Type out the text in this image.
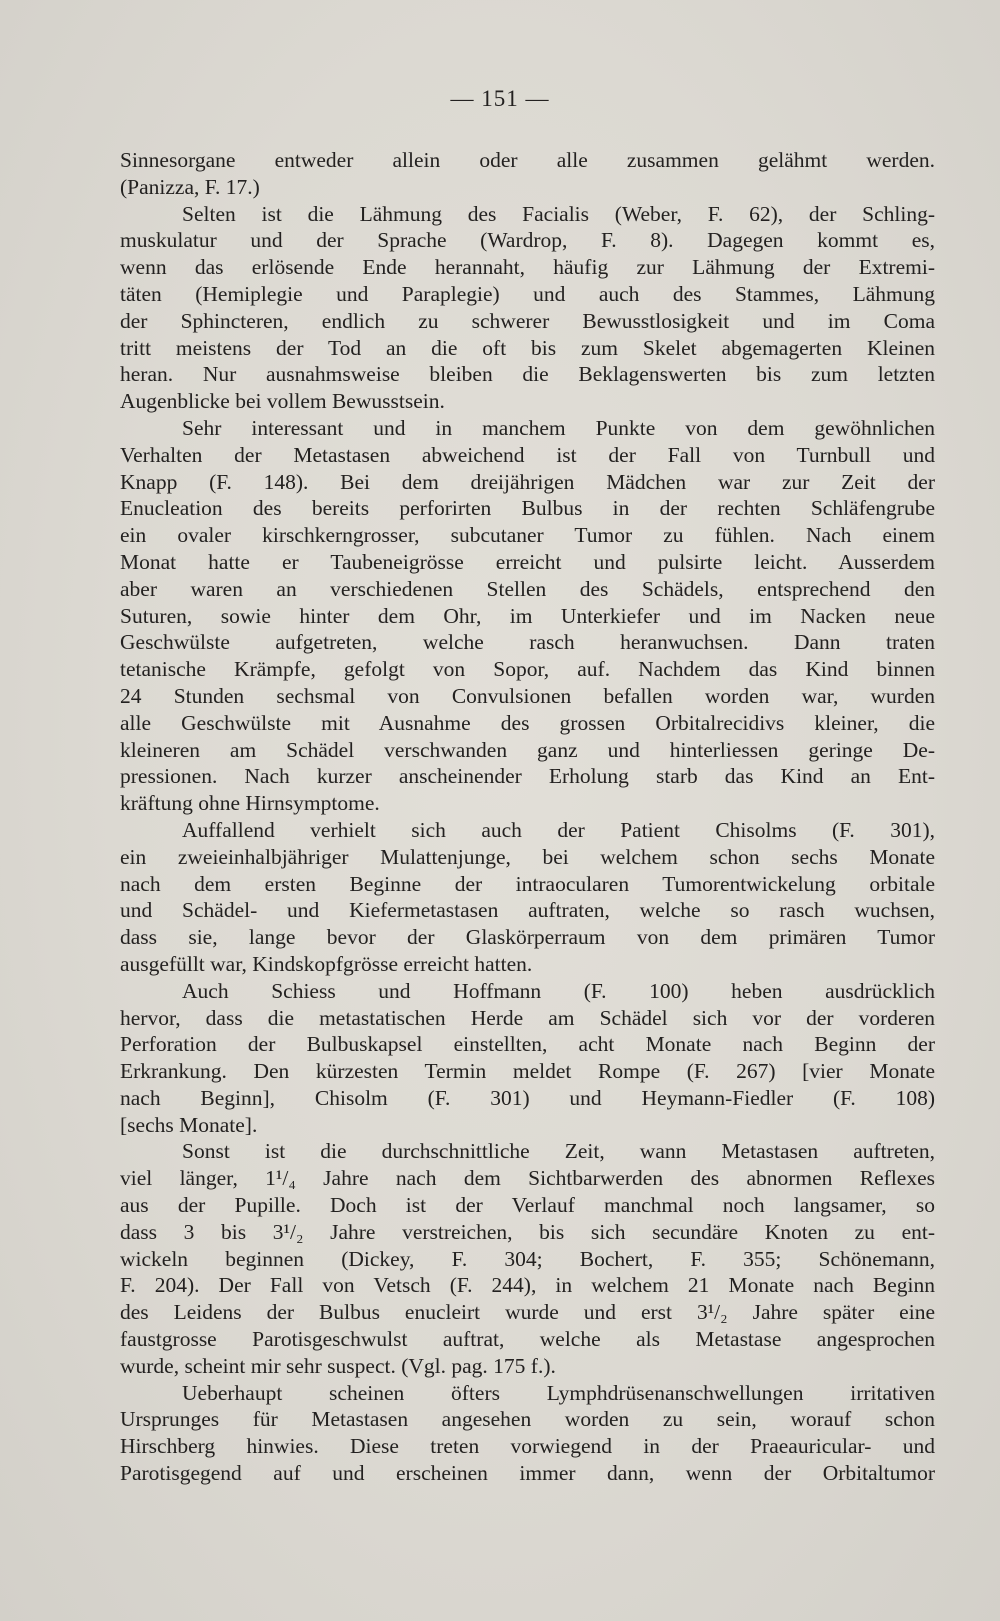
— 151 —
Sinnesorgane entweder allein oder alle zusammen gelähmt werden.
(Panizza, F. 17.)
Selten ist die Lähmung des Facialis (Weber, F. 62), der Schling-
muskulatur und der Sprache (Wardrop, F. 8). Dagegen kommt es,
wenn das erlösende Ende herannaht, häufig zur Lähmung der Extremi-
täten (Hemiplegie und Paraplegie) und auch des Stammes, Lähmung
der Sphincteren, endlich zu schwerer Bewusstlosigkeit und im Coma
tritt meistens der Tod an die oft bis zum Skelet abgemagerten Kleinen
heran. Nur ausnahmsweise bleiben die Beklagenswerten bis zum letzten
Augenblicke bei vollem Bewusstsein.
Sehr interessant und in manchem Punkte von dem gewöhnlichen
Verhalten der Metastasen abweichend ist der Fall von Turnbull und
Knapp (F. 148). Bei dem dreijährigen Mädchen war zur Zeit der
Enucleation des bereits perforirten Bulbus in der rechten Schläfengrube
ein ovaler kirschkerngrosser, subcutaner Tumor zu fühlen. Nach einem
Monat hatte er Taubeneigrösse erreicht und pulsirte leicht. Ausserdem
aber waren an verschiedenen Stellen des Schädels, entsprechend den
Suturen, sowie hinter dem Ohr, im Unterkiefer und im Nacken neue
Geschwülste aufgetreten, welche rasch heranwuchsen. Dann traten
tetanische Krämpfe, gefolgt von Sopor, auf. Nachdem das Kind binnen
24 Stunden sechsmal von Convulsionen befallen worden war, wurden
alle Geschwülste mit Ausnahme des grossen Orbitalrecidivs kleiner, die
kleineren am Schädel verschwanden ganz und hinterliessen geringe De-
pressionen. Nach kurzer anscheinender Erholung starb das Kind an Ent-
kräftung ohne Hirnsymptome.
Auffallend verhielt sich auch der Patient Chisolms (F. 301),
ein zweieinhalbjähriger Mulattenjunge, bei welchem schon sechs Monate
nach dem ersten Beginne der intraocularen Tumorentwickelung orbitale
und Schädel- und Kiefermetastasen auftraten, welche so rasch wuchsen,
dass sie, lange bevor der Glaskörperraum von dem primären Tumor
ausgefüllt war, Kindskopfgrösse erreicht hatten.
Auch Schiess und Hoffmann (F. 100) heben ausdrücklich
hervor, dass die metastatischen Herde am Schädel sich vor der vorderen
Perforation der Bulbuskapsel einstellten, acht Monate nach Beginn der
Erkrankung. Den kürzesten Termin meldet Rompe (F. 267) [vier Monate
nach Beginn], Chisolm (F. 301) und Heymann-Fiedler (F. 108)
[sechs Monate].
Sonst ist die durchschnittliche Zeit, wann Metastasen auftreten,
viel länger, 1¹/₄ Jahre nach dem Sichtbarwerden des abnormen Reflexes
aus der Pupille. Doch ist der Verlauf manchmal noch langsamer, so
dass 3 bis 3¹/₂ Jahre verstreichen, bis sich secundäre Knoten zu ent-
wickeln beginnen (Dickey, F. 304; Bochert, F. 355; Schönemann,
F. 204). Der Fall von Vetsch (F. 244), in welchem 21 Monate nach Beginn
des Leidens der Bulbus enucleirt wurde und erst 3¹/₂ Jahre später eine
faustgrosse Parotisgeschwulst auftrat, welche als Metastase angesprochen
wurde, scheint mir sehr suspect. (Vgl. pag. 175 f.).
Ueberhaupt scheinen öfters Lymphdrüsenanschwellungen irritativen
Ursprunges für Metastasen angesehen worden zu sein, worauf schon
Hirschberg hinwies. Diese treten vorwiegend in der Praeauricular- und
Parotisgegend auf und erscheinen immer dann, wenn der Orbitaltumor
